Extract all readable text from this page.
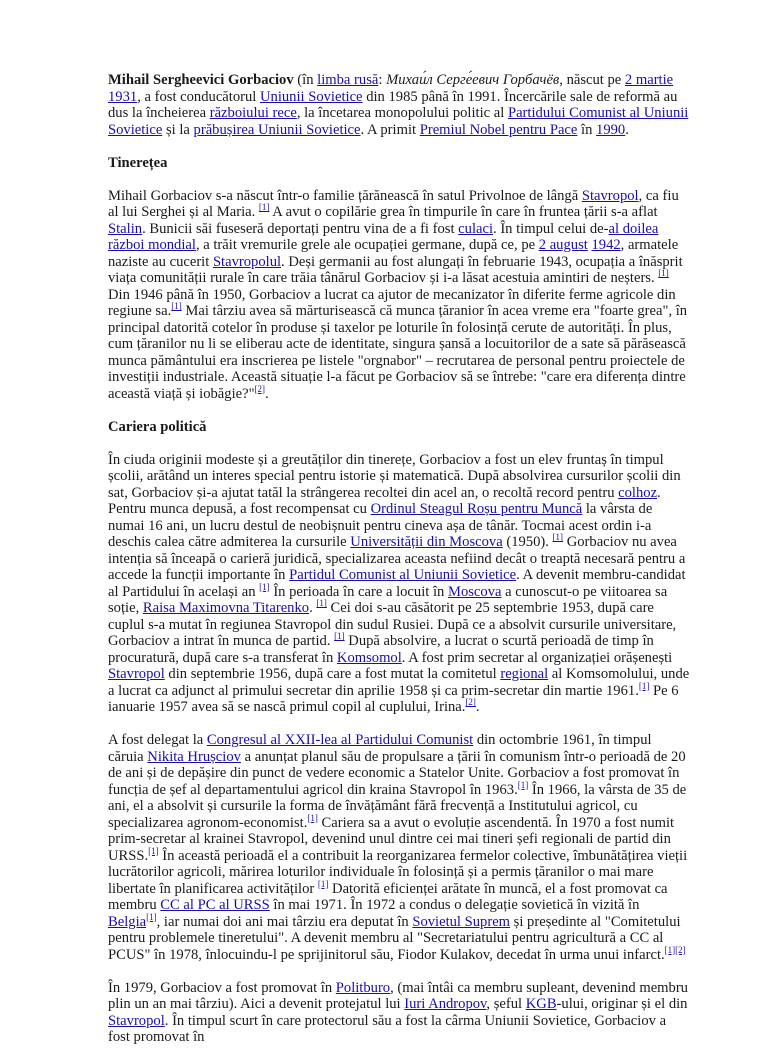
Mihail Sergheevici Gorbaciov (în limba rusă: Михаи́л Серге́евич Горбачёв, născut pe 2 martie 1931, a fost conducătorul Uniunii Sovietice din 1985 până în 1991. Încercările sale de reformă au dus la încheierea războiului rece, la încetarea monopolului politic al Partidului Comunist al Uniunii Sovietice și la prăbușirea Uniunii Sovietice. A primit Premiul Nobel pentru Pace în 1990.

Tinerețea

Mihail Gorbaciov s-a născut într-o familie țărănească în satul Privolnoe de lângă Stavropol, ca fiu al lui Serghei și al Maria. [1] A avut o copilărie grea în timpurile în care în fruntea țării s-a aflat Stalin. Bunicii săi fuseseră deportați pentru vina de a fi fost culaci. În timpul celui de-al doilea război mondial, a trăit vremurile grele ale ocupației germane, după ce, pe 2 august 1942, armatele naziste au cucerit Stavropolul. Deși germanii au fost alungați în februarie 1943, ocupația a înăsprit viața comunității rurale în care trăia tânărul Gorbaciov și i-a lăsat acestuia amintiri de neșters. [1] Din 1946 până în 1950, Gorbaciov a lucrat ca ajutor de mecanizator în diferite ferme agricole din regiune sa.[1] Mai târziu avea să mărturisească că munca țăranior în acea vreme era "foarte grea", în principal datorită cotelor în produse și taxelor pe loturile în folosință cerute de autorități. În plus, cum țăranilor nu li se eliberau acte de identitate, singura șansă a locuitorilor de a sate să părăsească munca pământului era inscrierea pe listele "orgnabor" – recrutarea de personal pentru proiectele de investiții industriale. Această situație l-a făcut pe Gorbaciov să se întrebe: "care era diferența dintre această viață și iobăgie?"[2].

Cariera politică

În ciuda originii modeste și a greutăților din tinerețe, Gorbaciov a fost un elev fruntaș în timpul școlii, arătând un interes special pentru istorie și matematică. După absolvirea cursurilor școlii din sat, Gorbaciov și-a ajutat tatăl la strângerea recoltei din acel an, o recoltă record pentru colhoz. Pentru munca depusă, a fost recompensat cu Ordinul Steagul Roșu pentru Muncă la vârsta de numai 16 ani, un lucru destul de neobișnuit pentru cineva așa de tânăr. Tocmai acest ordin i-a deschis calea către admiterea la cursurile Universității din Moscova (1950). [1] Gorbaciov nu avea intenția să înceapă o carieră juridică, specializarea aceasta nefiind decât o treaptă necesară pentru a accede la funcții importante în Partidul Comunist al Uniunii Sovietice. A devenit membru-candidat al Partidului în același an [1] În perioada în care a locuit în Moscova a cunoscut-o pe viitoarea sa soție, Raisa Maximovna Titarenko. [1] Cei doi s-au căsătorit pe 25 septembrie 1953, după care cuplul s-a mutat în regiunea Stavropol din sudul Rusiei. După ce a absolvit cursurile universitare, Gorbaciov a intrat în munca de partid. [1] După absolvire, a lucrat o scurtă perioadă de timp în procuratură, după care s-a transferat în Komsomol. A fost prim secretar al organizației orășenești Stavropol din septembrie 1956, după care a fost mutat la comitetul regional al Komsomolului, unde a lucrat ca adjunct al primului secretar din aprilie 1958 și ca prim-secretar din martie 1961.[1] Pe 6 ianuarie 1957 avea să se nască primul copil al cuplului, Irina.[2].

A fost delegat la Congresul al XXII-lea al Partidului Comunist din octombrie 1961, în timpul căruia Nikita Hrușciov a anunțat planul său de propulsare a țării în comunism într-o perioadă de 20 de ani și de depășire din punct de vedere economic a Statelor Unite. Gorbaciov a fost promovat în funcția de șef al departamentului agricol din kraina Stavropol în 1963.[1] În 1966, la vârsta de 35 de ani, el a absolvit și cursurile la forma de învățământ fără frecvență a Institutului agricol, cu specializarea agronom-economist.[1] Cariera sa a avut o evoluție ascendentă. În 1970 a fost numit prim-secretar al krainei Stavropol, devenind unul dintre cei mai tineri șefi regionali de partid din URSS.[1] În această perioadă el a contribuit la reorganizarea fermelor colective, îmbunătățirea vieții lucrătorilor agricoli, mărirea loturilor individuale în folosință și a permis țăranilor o mai mare libertate în planificarea activităților [1] Datorită eficienței arătate în muncă, el a fost promovat ca membru CC al PC al URSS în mai 1971. În 1972 a condus o delegație sovietică în vizită în Belgia[1], iar numai doi ani mai târziu era deputat în Sovietul Suprem și președinte al "Comitetului pentru problemele tineretului". A devenit membru al "Secretariatului pentru agricultură a CC al PCUS" în 1978, înlocuindu-l pe sprijinitorul său, Fiodor Kulakov, decedat în urma unui infarct.[1][2]

În 1979, Gorbaciov a fost promovat în Politburo, (mai întâi ca membru supleant, devenind membru plin un an mai târziu). Aici a devenit protejatul lui Iuri Andropov, șeful KGB-ului, originar și el din Stavropol. În timpul scurt în care protectorul său a fost la cârma Uniunii Sovietice, Gorbaciov a fost promovat în
